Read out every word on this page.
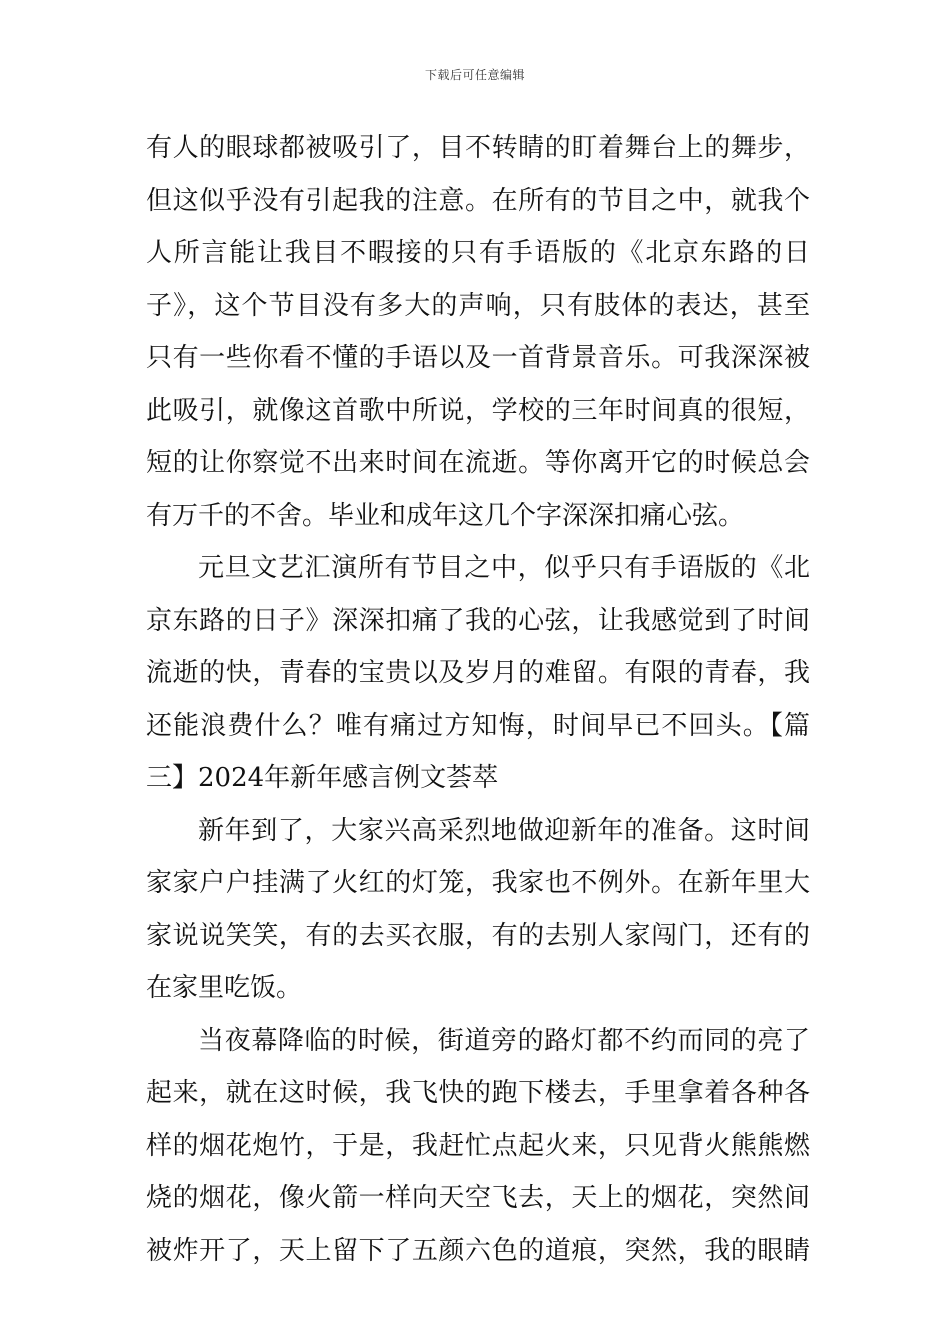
下载后可任意编辑
有人的眼球都被吸引了，目不转睛的盯着舞台上的舞步，
但这似乎没有引起我的注意。在所有的节目之中，就我个
人所言能让我目不暇接的只有手语版的《北京东路的日
子》，这个节目没有多大的声响，只有肢体的表达，甚至
只有一些你看不懂的手语以及一首背景音乐。可我深深被
此吸引，就像这首歌中所说，学校的三年时间真的很短，
短的让你察觉不出来时间在流逝。等你离开它的时候总会
有万千的不舍。毕业和成年这几个字深深扣痛心弦。
元旦文艺汇演所有节目之中，似乎只有手语版的《北
京东路的日子》深深扣痛了我的心弦，让我感觉到了时间
流逝的快，青春的宝贵以及岁月的难留。有限的青春，我
还能浪费什么？唯有痛过方知悔，时间早已不回头。【篇
三】2024年新年感言例文荟萃
新年到了，大家兴高采烈地做迎新年的准备。这时间
家家户户挂满了火红的灯笼，我家也不例外。在新年里大
家说说笑笑，有的去买衣服，有的去别人家闯门，还有的
在家里吃饭。
当夜幕降临的时候，街道旁的路灯都不约而同的亮了
起来，就在这时候，我飞快的跑下楼去，手里拿着各种各
样的烟花炮竹，于是，我赶忙点起火来，只见背火熊熊燃
烧的烟花，像火箭一样向天空飞去，天上的烟花，突然间
被炸开了，天上留下了五颜六色的道痕，突然，我的眼睛
